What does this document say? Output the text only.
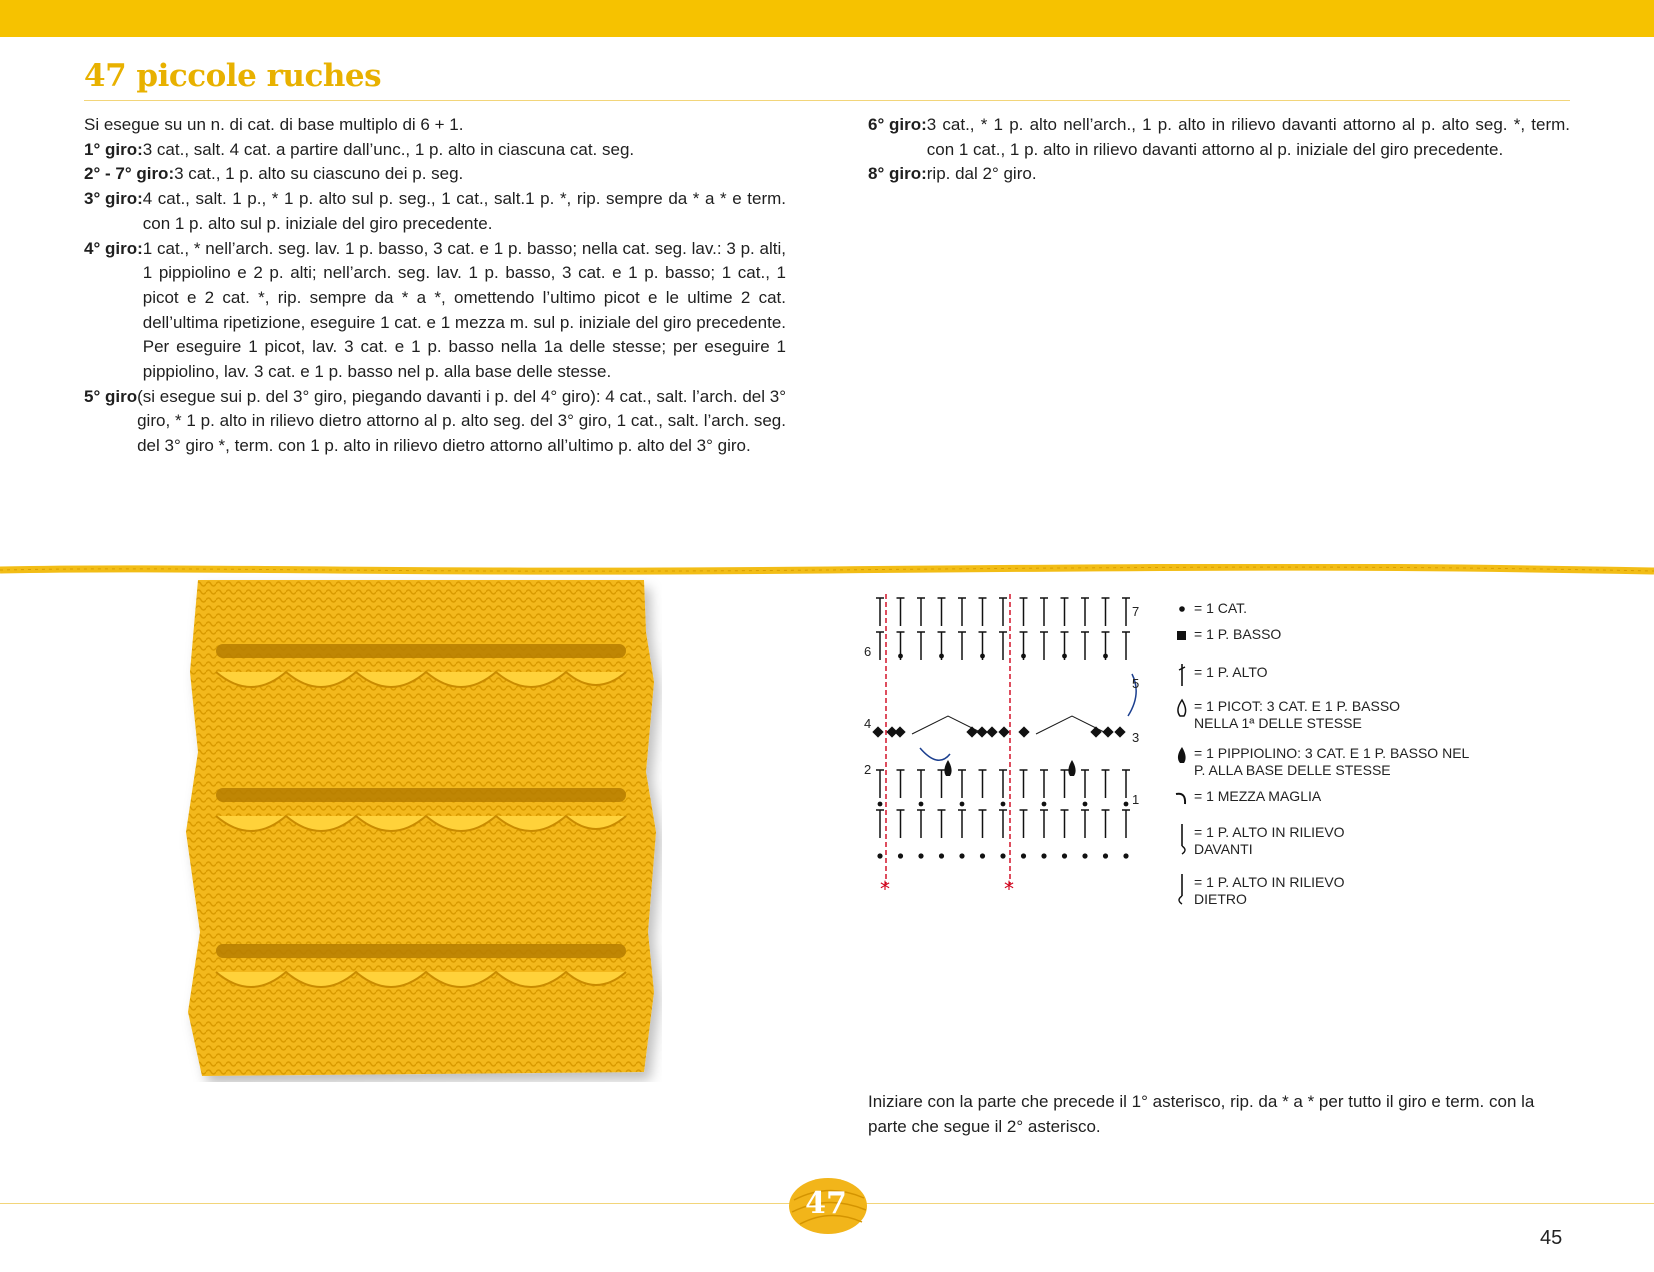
47 piccole ruches

Si esegue su un n. di cat. di base multiplo di 6 + 1.

1° giro: 3 cat., salt. 4 cat. a partire dall’unc., 1 p. alto in ciascuna cat. seg.
2° - 7° giro: 3 cat., 1 p. alto su ciascuno dei p. seg.
3° giro: 4 cat., salt. 1 p., * 1 p. alto sul p. seg., 1 cat., salt.1 p. *, rip. sempre da * a * e term. con 1 p. alto sul p. iniziale del giro precedente.
4° giro: 1 cat., * nell’arch. seg. lav. 1 p. basso, 3 cat. e 1 p. basso; nella cat. seg. lav.: 3 p. alti, 1 pippiolino e 2 p. alti; nell’arch. seg. lav. 1 p. basso, 3 cat. e 1 p. basso; 1 cat., 1 picot e 2 cat. *, rip. sempre da * a *, omettendo l’ultimo picot e le ultime 2 cat. dell’ultima ripetizione, eseguire 1 cat. e 1 mezza m. sul p. iniziale del giro precedente. Per eseguire 1 picot, lav. 3 cat. e 1 p. basso nella 1a delle stesse; per eseguire 1 pippiolino, lav. 3 cat. e 1 p. basso nel p. alla base delle stesse.
5° giro (si esegue sui p. del 3° giro, piegando davanti i p. del 4° giro): 4 cat., salt. l’arch. del 3° giro, * 1 p. alto in rilievo dietro attorno al p. alto seg. del 3° giro, 1 cat., salt. l’arch. seg. del 3° giro *, term. con 1 p. alto in rilievo dietro attorno all’ultimo p. alto del 3° giro.
6° giro: 3 cat., * 1 p. alto nell’arch., 1 p. alto in rilievo davanti attorno al p. alto seg. *, term. con 1 cat., 1 p. alto in rilievo davanti attorno al p. iniziale del giro precedente.
8° giro: rip. dal 2° giro.
1
2
3
4
5
6
7
*	*
= 1 CAT.
= 1 P. BASSO
= 1 P. ALTO
= 1 PICOT: 3 CAT. E 1 P. BASSO
NELLA 1ª DELLE STESSE
= 1 PIPPIOLINO: 3 CAT. E 1 P. BASSO NEL
P. ALLA BASE DELLE STESSE
= 1 MEZZA MAGLIA
= 1 P. ALTO IN RILIEVO
DAVANTI
= 1 P. ALTO IN RILIEVO
DIETRO
Iniziare con la parte che precede il 1° asterisco, rip. da * a * per tutto il giro e term. con la parte che segue il 2° asterisco.
47
45
